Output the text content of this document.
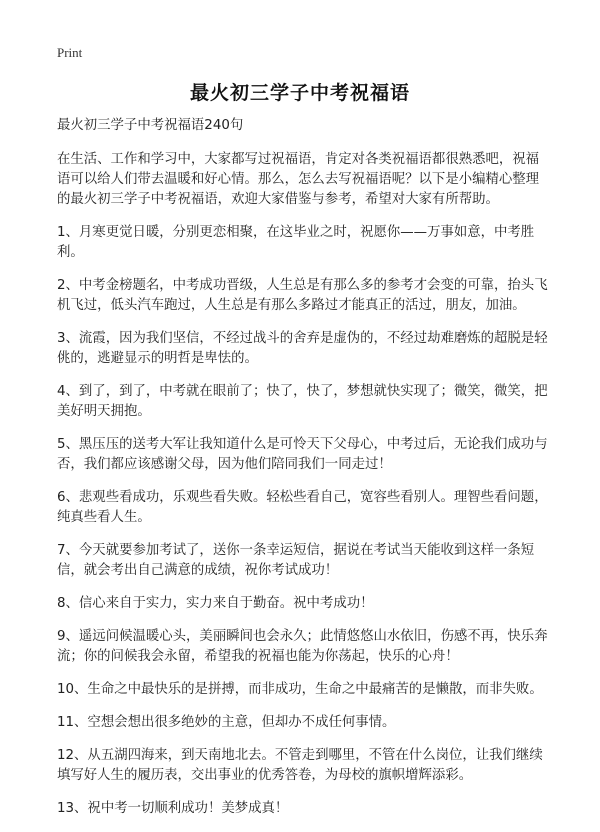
Print
最火初三学子中考祝福语

最火初三学子中考祝福语240句

在生活、工作和学习中，大家都写过祝福语，肯定对各类祝福语都很熟悉吧，祝福语可以给人们带去温暖和好心情。那么，怎么去写祝福语呢？以下是小编精心整理的最火初三学子中考祝福语，欢迎大家借鉴与参考，希望对大家有所帮助。

1、月寒更觉日暖，分别更恋相聚，在这毕业之时，祝愿你——万事如意，中考胜利。

2、中考金榜题名，中考成功晋级，人生总是有那么多的参考才会变的可靠，抬头飞机飞过，低头汽车跑过，人生总是有那么多路过才能真正的活过，朋友，加油。

3、流霞，因为我们坚信，不经过战斗的舍弃是虚伪的，不经过劫难磨炼的超脱是轻佻的，逃避显示的明哲是卑怯的。

4、到了，到了，中考就在眼前了；快了，快了，梦想就快实现了；微笑，微笑，把美好明天拥抱。

5、黑压压的送考大军让我知道什么是可怜天下父母心，中考过后，无论我们成功与否，我们都应该感谢父母，因为他们陪同我们一同走过！

6、悲观些看成功，乐观些看失败。轻松些看自己，宽容些看别人。理智些看问题，纯真些看人生。

7、今天就要参加考试了，送你一条幸运短信，据说在考试当天能收到这样一条短信，就会考出自己满意的成绩，祝你考试成功！

8、信心来自于实力，实力来自于勤奋。祝中考成功！

9、遥远问候温暖心头，美丽瞬间也会永久；此情悠悠山水依旧，伤感不再，快乐奔流；你的问候我会永留，希望我的祝福也能为你荡起，快乐的心舟！

10、生命之中最快乐的是拼搏，而非成功，生命之中最痛苦的是懒散，而非失败。

11、空想会想出很多绝妙的主意，但却办不成任何事情。

12、从五湖四海来，到天南地北去。不管走到哪里，不管在什么岗位，让我们继续填写好人生的履历表，交出事业的优秀答卷，为母校的旗帜增辉添彩。

13、祝中考一切顺利成功！美梦成真！
